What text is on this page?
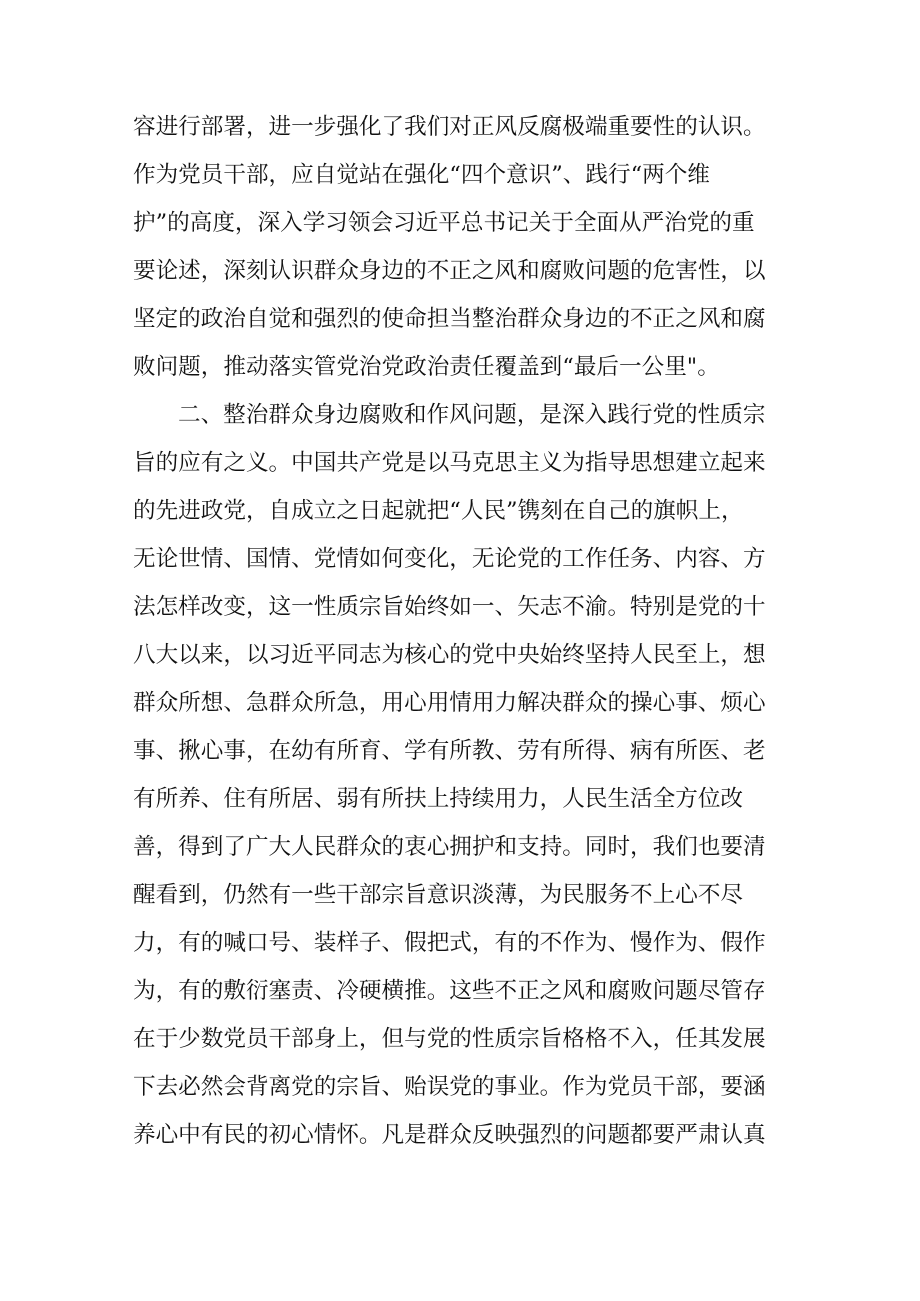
容进行部署，进一步强化了我们对正风反腐极端重要性的认识。
作为党员干部，应自觉站在强化“四个意识”、践行“两个维
护”的高度，深入学习领会习近平总书记关于全面从严治党的重
要论述，深刻认识群众身边的不正之风和腐败问题的危害性，以
坚定的政治自觉和强烈的使命担当整治群众身边的不正之风和腐
败问题，推动落实管党治党政治责任覆盖到“最后一公里"。
二、整治群众身边腐败和作风问题，是深入践行党的性质宗
旨的应有之义。中国共产党是以马克思主义为指导思想建立起来
的先进政党，自成立之日起就把“人民”镌刻在自己的旗帜上，
无论世情、国情、党情如何变化，无论党的工作任务、内容、方
法怎样改变，这一性质宗旨始终如一、矢志不渝。特别是党的十
八大以来，以习近平同志为核心的党中央始终坚持人民至上，想
群众所想、急群众所急，用心用情用力解决群众的操心事、烦心
事、揪心事，在幼有所育、学有所教、劳有所得、病有所医、老
有所养、住有所居、弱有所扶上持续用力，人民生活全方位改
善，得到了广大人民群众的衷心拥护和支持。同时，我们也要清
醒看到，仍然有一些干部宗旨意识淡薄，为民服务不上心不尽
力，有的喊口号、装样子、假把式，有的不作为、慢作为、假作
为，有的敷衍塞责、冷硬横推。这些不正之风和腐败问题尽管存
在于少数党员干部身上，但与党的性质宗旨格格不入，任其发展
下去必然会背离党的宗旨、贻误党的事业。作为党员干部，要涵
养心中有民的初心情怀。凡是群众反映强烈的问题都要严肃认真
